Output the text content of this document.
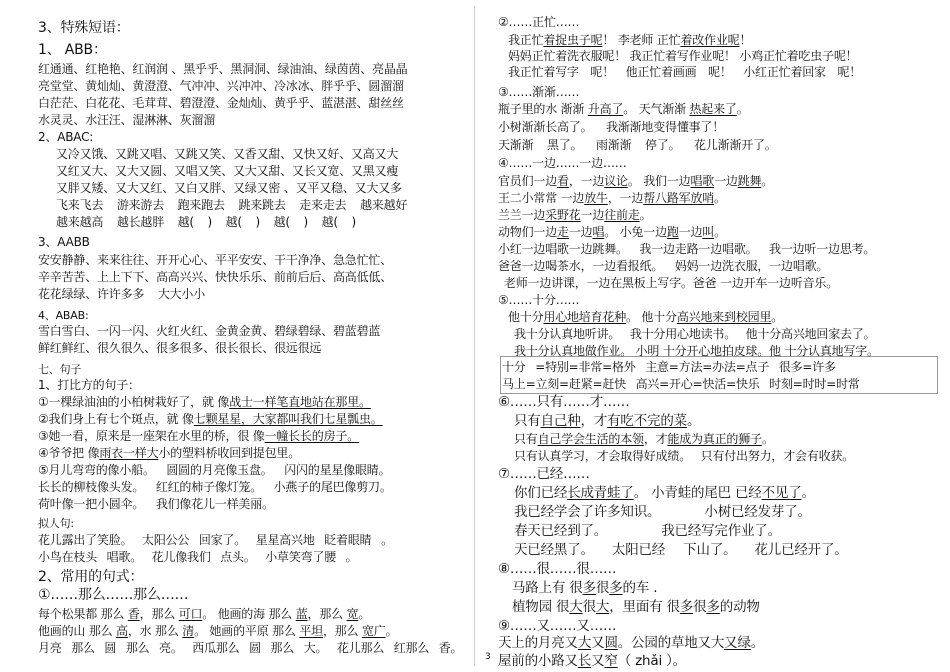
3、特殊短语：
1、 ABB：
红通通、红艳艳、红润润 、黑乎乎、黑洞洞、绿油油、绿茵茵、亮晶晶
亮堂堂、黄灿灿、黄澄澄、气冲冲、兴冲冲、冷冰冰、胖乎乎、圆溜溜
白茫茫、白花花、毛茸茸、碧澄澄、金灿灿、黄乎乎、蓝湛湛、甜丝丝
水灵灵、水汪汪、湿淋淋、灰溜溜
2、ABAC:
又冷又饿、又跳又唱、又跳又笑、又香又甜、又快又好、又高又大
又红又大、又大又圆、又唱又笑、又大又甜、又长又宽、又黑又瘦
又胖又矮、又大又红、又白又胖、又绿又密 、又平又稳、又大又多
飞来飞去 游来游去 跑来跑去 跳来跳去 走来走去 越来越好
越来越高 越长越胖 越( ) 越( ) 越( ) 越( )
3、AABB
安安静静、来来往往、开开心心、平平安安、干干净净、急急忙忙、
辛辛苦苦、上上下下、高高兴兴、快快乐乐、前前后后、高高低低、
花花绿绿、许许多多 大大小小
4、ABAB:
雪白雪白、一闪一闪、火红火红、金黄金黄、碧绿碧绿、碧蓝碧蓝
鲜红鲜红、很久很久、很多很多、很长很长、很远很远
七、句子
1、打比方的句子：
①一棵绿油油的小柏树栽好了，就 像战士一样笔直地站在那里。
②我们身上有七个斑点，就 像七颗星星，大家都叫我们七星瓢虫。
③她一看，原来是一座架在水里的桥，很 像一幢长长的房子。
④爷爷把 像雨衣一样大小的塑料桥收回到提包里。
⑤月儿弯弯的像小船。 圆圆的月亮像玉盘。 闪闪的星星像眼睛。
长长的柳枝像头发。 红红的柿子像灯笼。 小燕子的尾巴像剪刀。
荷叶像一把小圆伞。 我们像花儿一样美丽。
拟人句:
花儿露出了笑脸。 太阳公公 回家了。 星星高兴地 眨着眼睛 。
小鸟在枝头 唱歌。 花儿像我们 点头。 小草笑弯了腰 。
2、常用的句式：
①……那么……那么……
每个松果都 那么 香，那么 可口。 他画的海 那么 蓝，那么 宽。
他画的山 那么 高，水 那么 清。 她画的平原 那么 平坦，那么 宽广。
月亮 那么 圆 那么 亮。 西瓜那么 圆 那么 大。 花儿那么 红那么 香。
②……正忙……
我正忙着捉虫子呢！ 李老师 正忙着改作业呢！
妈妈正忙着洗衣服呢！ 我正忙着写作业呢！ 小鸡正忙着吃虫子呢！
我正忙着写字 呢！ 他正忙着画画 呢！ 小红正忙着回家 呢！
③……渐渐……
瓶子里的水 渐渐 升高了。 天气渐渐 热起来了。
小树渐渐长高了。 我渐渐地变得懂事了！
天渐渐 黑了。 雨渐渐 停了。 花儿渐渐开了。
④……一边……一边……
官员们一边看，一边议论。 我们一边唱歌一边跳舞。
王二小常常 一边放牛，一边帮八路军放哨。
兰兰一边采野花一边往前走。
动物们一边走一边唱。 小兔一边跑一边叫。
小红一边唱歌一边跳舞。 我一边走路一边唱歌。 我一边听一边思考。
爸爸一边喝茶水，一边看报纸。 妈妈一边洗衣服，一边唱歌。
老师一边讲课，一边在黑板上写字。爸爸 一边开车一边听音乐。
⑤……十分……
他十分用心地培育花种。 他十分高兴地来到校园里。
我十分认真地听讲。 我十分用心地读书。 他十分高兴地回家去了。
我十分认真地做作业。 小明 十分开心地拍皮球。他 十分认真地写字。
十分 =特别=非常=格外 主意=方法=办法=点子 很多=许多
马上=立刻=赶紧=赶快 高兴=开心=快活=快乐 时刻=时时=时常
⑥……只有……才……
只有自己种，才有吃不完的菜。
只有自己学会生活的本领，才能成为真正的狮子。
只有认真学习，才会取得好成绩。 只有付出努力，才会有收获。
⑦……已经……
你们已经长成青蛙了。 小青蛙的尾巴 已经不见了。
我已经学会了许多知识。 小树已经发芽了。
春天已经到了。 我已经写完作业了。
天已经黑了。 太阳已经 下山了。 花儿已经开了。
⑧……很……很……
马路上有 很多很多的车 .
植物园 很大很大，里面有 很多很多的动物
⑨……又……又……
天上的月亮又大又圆。公园的草地又大又绿。
屋前的小路又长又窄（ zhǎi ）。
3
